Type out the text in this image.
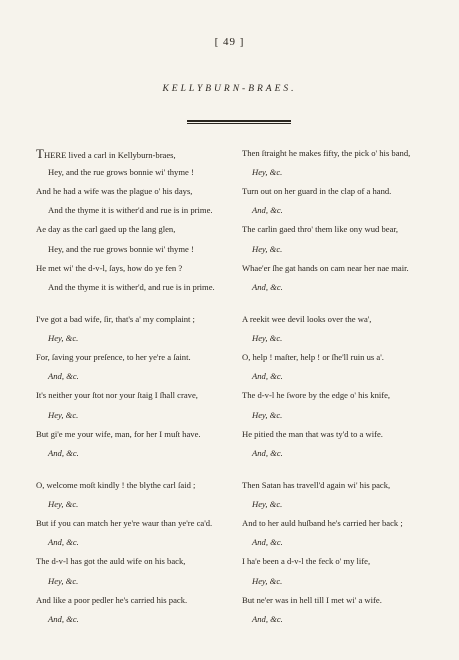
[ 49 ]
KELLYBURN-BRAES.
THERE lived a carl in Kellyburn-braes,
Hey, and the rue grows bonnie wi' thyme !
And he had a wife was the plague o' his days,
And the thyme it is wither'd and rue is in prime.
Ae day as the carl gaed up the lang glen,
Hey, and the rue grows bonnie wi' thyme !
He met wi' the d-v-l, ſays, how do ye fen ?
And the thyme it is wither'd, and rue is in prime.
I've got a bad wife, ſir, that's a' my complaint ;
Hey, &c.
For, ſaving your preſence, to her ye're a ſaint.
And, &c.
It's neither your ſtot nor your ſtaig I ſhall crave,
Hey, &c.
But gi'e me your wife, man, for her I muſt have.
And, &c.
O, welcome moſt kindly ! the blythe carl ſaid ;
Hey, &c.
But if you can match her ye're waur than ye're ca'd.
And, &c.
The d-v-l has got the auld wife on his back,
Hey, &c.
And like a poor pedler he's carried his pack.
And, &c.
Then ſtraight he makes fifty, the pick o' his band,
Hey, &c.
Turn out on her guard in the clap of a hand.
And, &c.
The carlin gaed thro' them like ony wud bear,
Hey, &c.
Whae'er ſhe gat hands on cam near her nae mair.
And, &c.
A reekit wee devil looks over the wa',
Hey, &c.
O, help ! maſter, help ! or ſhe'll ruin us a'.
And, &c.
The d-v-l he ſwore by the edge o' his knife,
Hey, &c.
He pitied the man that was ty'd to a wife.
And, &c.
Then Satan has travell'd again wi' his pack,
Hey, &c.
And to her auld huſband he's carried her back ;
And, &c.
I ha'e been a d-v-l the feck o' my life,
Hey, &c.
But ne'er was in hell till I met wi' a wife.
And, &c.
